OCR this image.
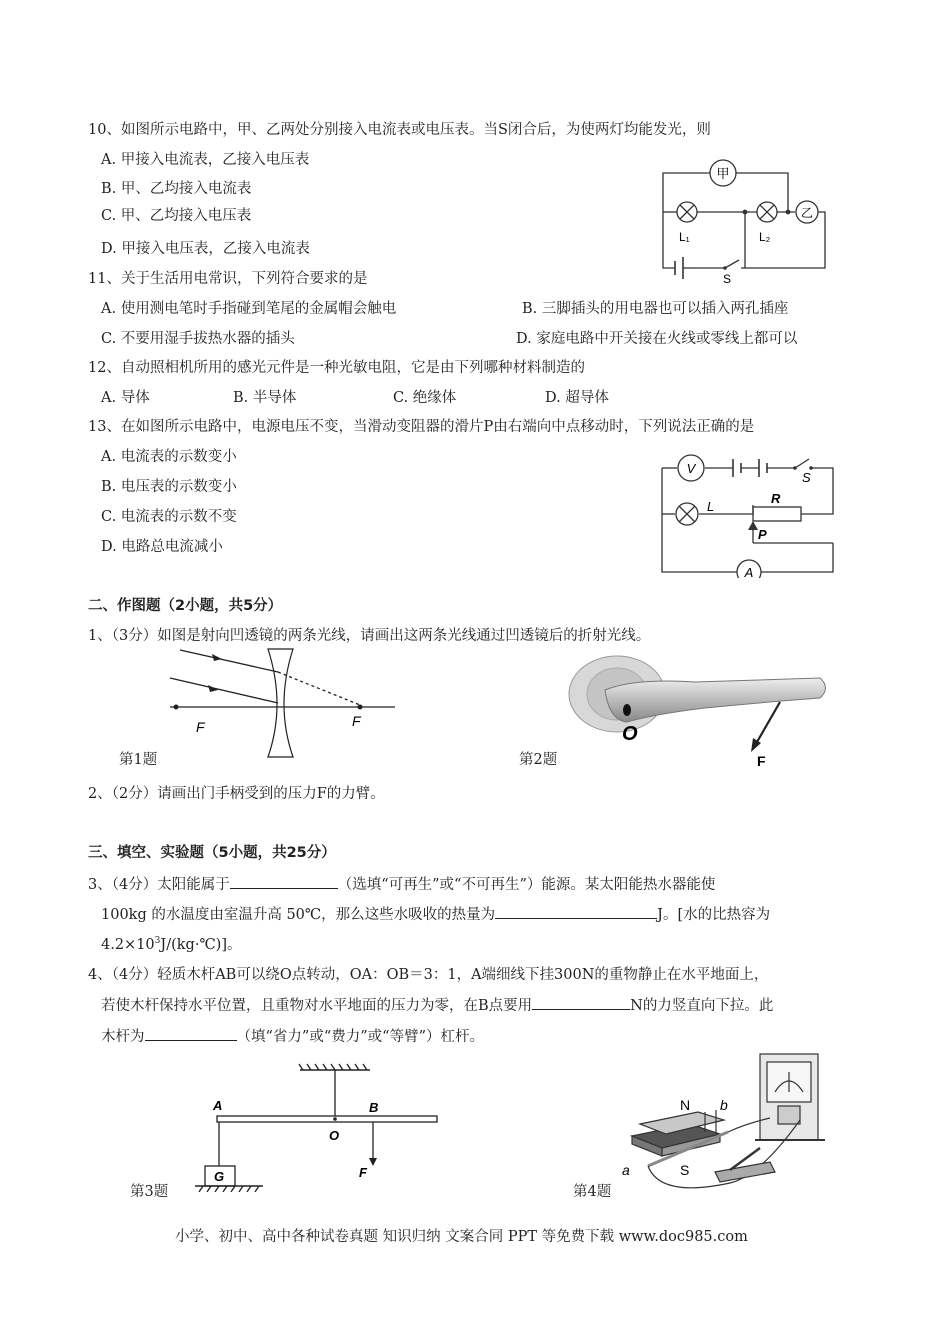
10、如图所示电路中，甲、乙两处分别接入电流表或电压表。当S闭合后，为使两灯均能发光，则
A. 甲接入电流表，乙接入电压表
B. 甲、乙均接入电流表
C. 甲、乙均接入电压表
D. 甲接入电压表，乙接入电流表
甲
乙
L₁	L₂
S
11、关于生活用电常识，下列符合要求的是
A. 使用测电笔时手指碰到笔尾的金属帽会触电	B. 三脚插头的用电器也可以插入两孔插座
C. 不要用湿手拔热水器的插头	D. 家庭电路中开关接在火线或零线上都可以
12、自动照相机所用的感光元件是一种光敏电阻，它是由下列哪种材料制造的
A. 导体	B. 半导体	C. 绝缘体	D. 超导体
13、在如图所示电路中，电源电压不变，当滑动变阻器的滑片P由右端向中点移动时，下列说法正确的是
A. 电流表的示数变小
B. 电压表的示数变小
C. 电流表的示数不变
D. 电路总电流减小
V
A
L
R
P
S
二、作图题（2小题，共5分）
1、（3分）如图是射向凹透镜的两条光线，请画出这两条光线通过凹透镜后的折射光线。
F	F
第1题
O
F
第2题
2、（2分）请画出门手柄受到的压力F的力臂。
三、填空、实验题（5小题，共25分）
3、（4分）太阳能属于	（选填“可再生”或“不可再生”）能源。某太阳能热水器能使
100kg 的水温度由室温升高 50℃，那么这些水吸收的热量为	J。[水的比热容为
$4.2\times 10^3J/(kg\cdot℃)$]。
4、（4分）轻质木杆AB可以绕O点转动，OA：OB＝3：1，A端细线下挂300N的重物静止在水平地面上，
若使木杆保持水平位置，且重物对水平地面的压力为零，在B点要用	N的力竖直向下拉。此
木杆为	（填“省力”或“费力”或“等臂”）杠杆。
A	B
O
F
G
第3题
N
S
a
b
第4题
小学、初中、高中各种试卷真题 知识归纳 文案合同 PPT 等免费下载 www.doc985.com
